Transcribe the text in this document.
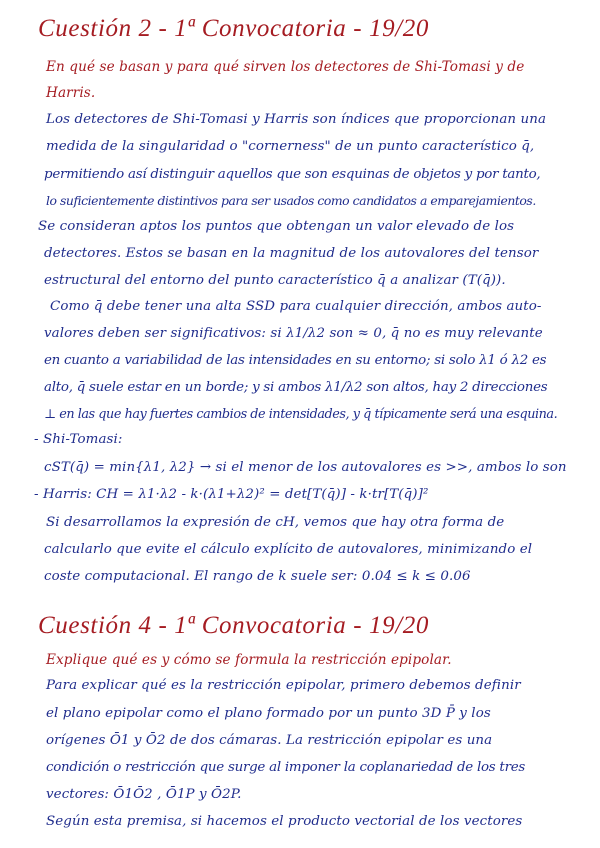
Cuestión 2 - 1ª Convocatoria - 19/20
En qué se basan y para qué sirven los detectores de Shi-Tomasi y de
Harris.
Los detectores de Shi-Tomasi y Harris son índices que proporcionan una
medida de la singularidad o "cornerness" de un punto característico q̄,
permitiendo así distinguir aquellos que son esquinas de objetos y por tanto,
lo suficientemente distintivos para ser usados como candidatos a emparejamientos.
Se consideran aptos los puntos que obtengan un valor elevado de los
detectores. Estos se basan en la magnitud de los autovalores del tensor
estructural del entorno del punto característico q̄ a analizar (T(q̄)).
Como q̄ debe tener una alta SSD para cualquier dirección, ambos auto-
valores deben ser significativos: si λ1/λ2 son ≈ 0, q̄ no es muy relevante
en cuanto a variabilidad de las intensidades en su entorno; si solo λ1 ó λ2 es
alto, q̄ suele estar en un borde; y si ambos λ1/λ2 son altos, hay 2 direcciones
⊥ en las que hay fuertes cambios de intensidades, y q̄ típicamente será una esquina.
- Shi-Tomasi:
cST(q̄) = min{λ1, λ2} → si el menor de los autovalores es >>, ambos lo son
- Harris: CH = λ1·λ2 - k·(λ1+λ2)² = det[T(q̄)] - k·tr[T(q̄)]²
Si desarrollamos la expresión de cH, vemos que hay otra forma de
calcularlo que evite el cálculo explícito de autovalores, minimizando el
coste computacional. El rango de k suele ser: 0.04 ≤ k ≤ 0.06
Cuestión 4 - 1ª Convocatoria - 19/20
Explique qué es y cómo se formula la restricción epipolar.
Para explicar qué es la restricción epipolar, primero debemos definir
el plano epipolar como el plano formado por un punto 3D P̄ y los
orígenes Ō1 y Ō2 de dos cámaras. La restricción epipolar es una
condición o restricción que surge al imponer la coplanariedad de los tres
vectores: Ō1Ō2 , Ō1P y Ō2P.
Según esta premisa, si hacemos el producto vectorial de los vectores
